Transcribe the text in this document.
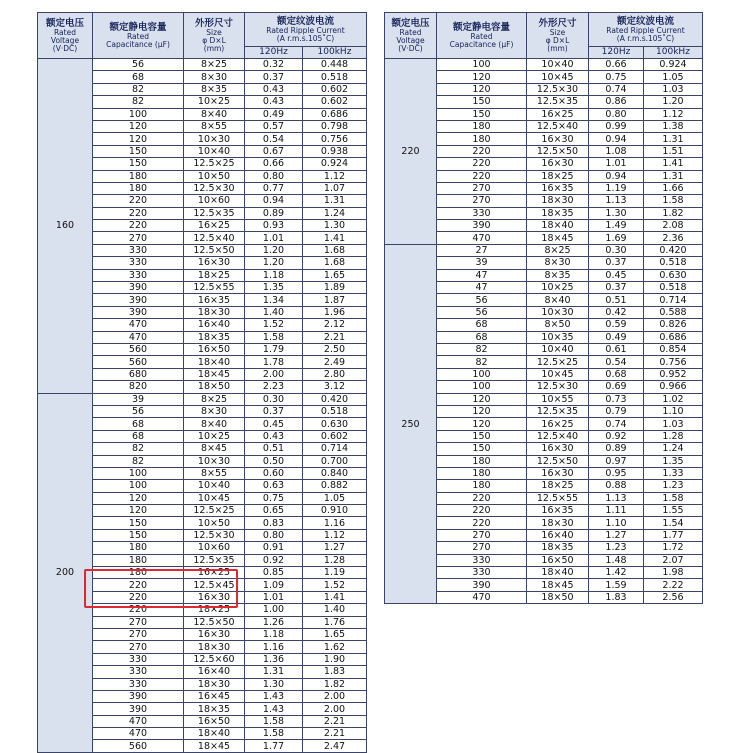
额定电压
Rated
Voltage
(V·DC)	额定静电容量
Rated
Capacitance (µF)	外形尺寸
Size
φ D×L
(mm)	额定纹波电流
Rated Ripple Current
(A r.m.s.105˚C)	

			120Hz	100kHz
160	56	8×25	0.32	0.448
	68	8×30	0.37	0.518
	82	8×35	0.43	0.602
	82	10×25	0.43	0.602
	100	8×40	0.49	0.686
	120	8×55	0.57	0.798
	120	10×30	0.54	0.756
	150	10×40	0.67	0.938
	150	12.5×25	0.66	0.924
	180	10×50	0.80	1.12
	180	12.5×30	0.77	1.07
	220	10×60	0.94	1.31
	220	12.5×35	0.89	1.24
	220	16×25	0.93	1.30
	270	12.5×40	1.01	1.41
	330	12.5×50	1.20	1.68
	330	16×30	1.20	1.68
	330	18×25	1.18	1.65
	390	12.5×55	1.35	1.89
	390	16×35	1.34	1.87
	390	18×30	1.40	1.96
	470	16×40	1.52	2.12
	470	18×35	1.58	2.21
	560	16×50	1.79	2.50
	560	18×40	1.78	2.49
	680	18×45	2.00	2.80
	820	18×50	2.23	3.12
200	39	8×25	0.30	0.420
	56	8×30	0.37	0.518
	68	8×40	0.45	0.630
	68	10×25	0.43	0.602
	82	8×45	0.51	0.714
	82	10×30	0.50	0.700
	100	8×55	0.60	0.840
	100	10×40	0.63	0.882
	120	10×45	0.75	1.05
	120	12.5×25	0.65	0.910
	150	10×50	0.83	1.16
	150	12.5×30	0.80	1.12
	180	10×60	0.91	1.27
	180	12.5×35	0.92	1.28
	180	16×25	0.85	1.19
	220	12.5×45	1.09	1.52
	220	16×30	1.01	1.41
	220	18×25	1.00	1.40
	270	12.5×50	1.26	1.76
	270	16×30	1.18	1.65
	270	18×30	1.16	1.62
	330	12.5×60	1.36	1.90
	330	16×40	1.31	1.83
	330	18×30	1.30	1.82
	390	16×45	1.43	2.00
	390	18×35	1.43	2.00
	470	16×50	1.58	2.21
	470	18×40	1.58	2.21
	560	18×45	1.77	2.47
额定电压
Rated
Voltage
(V·DC)	额定静电容量
Rated
Capacitance (µF)	外形尺寸
Size
φ D×L
(mm)	额定纹波电流
Rated Ripple Current
(A r.m.s.105˚C)	

			120Hz	100kHz
220	100	10×40	0.66	0.924
	120	10×45	0.75	1.05
	120	12.5×30	0.74	1.03
	150	12.5×35	0.86	1.20
	150	16×25	0.80	1.12
	180	12.5×40	0.99	1.38
	180	16×30	0.94	1.31
	220	12.5×50	1.08	1.51
	220	16×30	1.01	1.41
	220	18×25	0.94	1.31
	270	16×35	1.19	1.66
	270	18×30	1.13	1.58
	330	18×35	1.30	1.82
	390	18×40	1.49	2.08
	470	18×45	1.69	2.36
250	27	8×25	0.30	0.420
	39	8×30	0.37	0.518
	47	8×35	0.45	0.630
	47	10×25	0.37	0.518
	56	8×40	0.51	0.714
	56	10×30	0.42	0.588
	68	8×50	0.59	0.826
	68	10×35	0.49	0.686
	82	10×40	0.61	0.854
	82	12.5×25	0.54	0.756
	100	10×45	0.68	0.952
	100	12.5×30	0.69	0.966
	120	10×55	0.73	1.02
	120	12.5×35	0.79	1.10
	120	16×25	0.74	1.03
	150	12.5×40	0.92	1.28
	150	16×30	0.89	1.24
	180	12.5×50	0.97	1.35
	180	16×30	0.95	1.33
	180	18×25	0.88	1.23
	220	12.5×55	1.13	1.58
	220	16×35	1.11	1.55
	220	18×30	1.10	1.54
	270	16×40	1.27	1.77
	270	18×35	1.23	1.72
	330	16×50	1.48	2.07
	330	18×40	1.42	1.98
	390	18×45	1.59	2.22
	470	18×50	1.83	2.56
